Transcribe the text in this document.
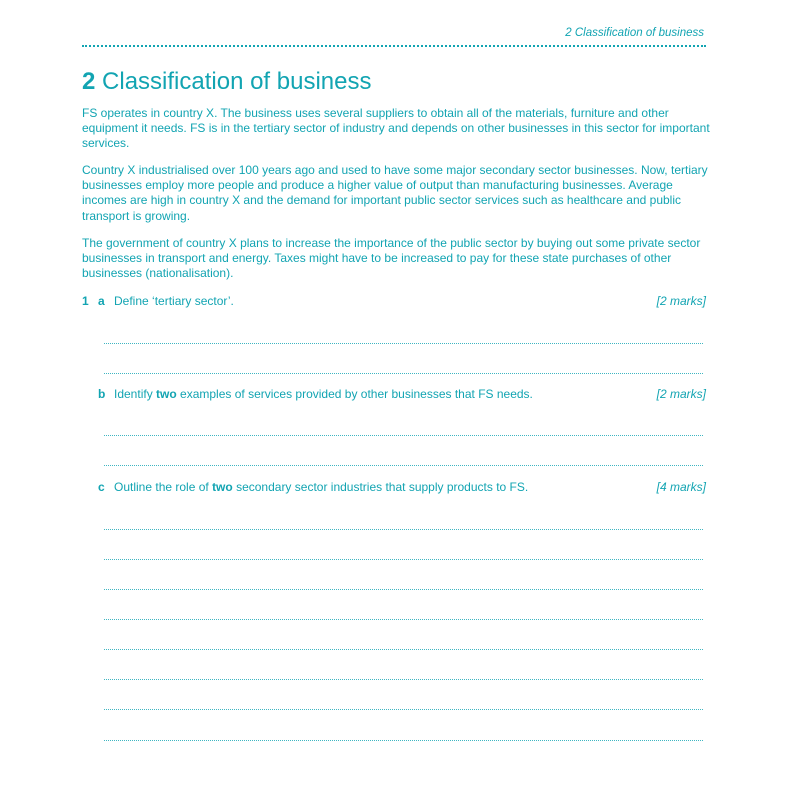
2 Classification of business
2 Classification of business

FS operates in country X. The business uses several suppliers to obtain all of the materials, furniture and other equipment it needs. FS is in the tertiary sector of industry and depends on other businesses in this sector for important services.

Country X industrialised over 100 years ago and used to have some major secondary sector businesses. Now, tertiary businesses employ more people and produce a higher value of output than manufacturing businesses. Average incomes are high in country X and the demand for important public sector services such as healthcare and public transport is growing.

The government of country X plans to increase the importance of the public sector by buying out some private sector businesses in transport and energy. Taxes might have to be increased to pay for these state purchases of other businesses (nationalisation).

1 a Define ‘tertiary sector’.	[2 marks]
b Identify two examples of services provided by other businesses that FS needs.	[2 marks]
c Outline the role of two secondary sector industries that supply products to FS.	[4 marks]
